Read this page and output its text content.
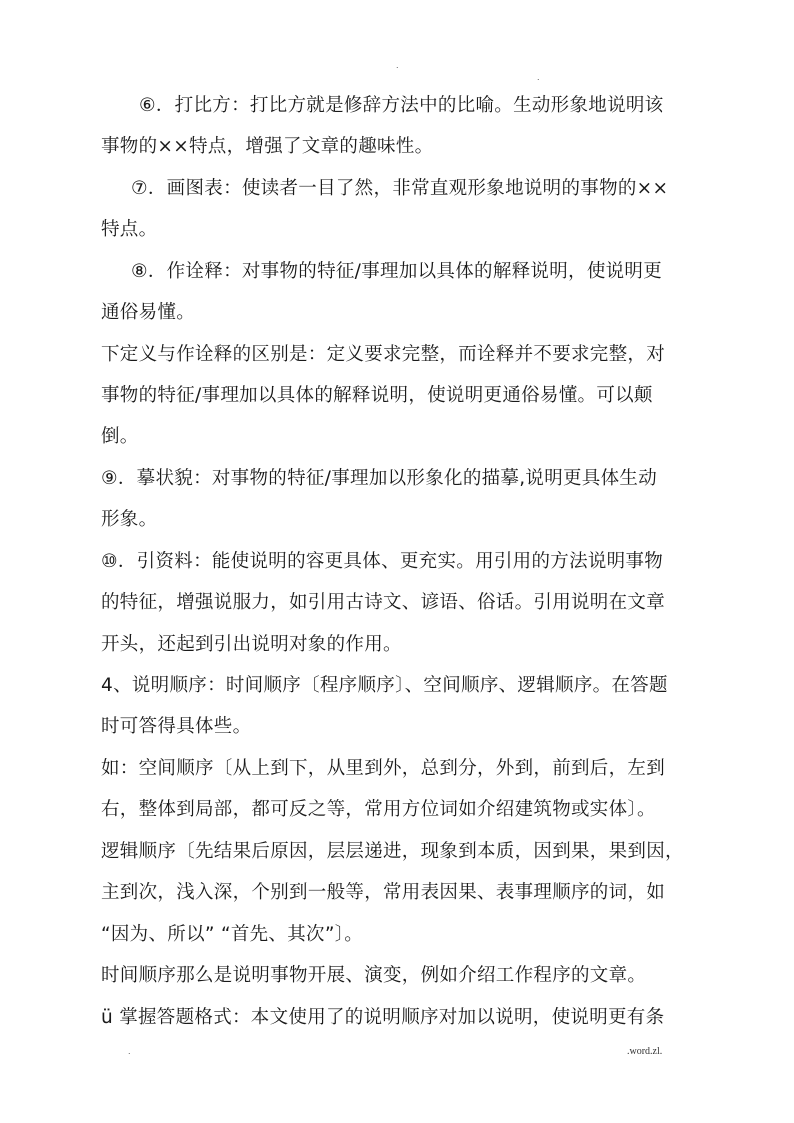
.
.
⑥．打比方：打比方就是修辞方法中的比喻。生动形象地说明该
事物的××特点，增强了文章的趣味性。
⑦．画图表：使读者一目了然，非常直观形象地说明的事物的××
特点。
⑧．作诠释：对事物的特征/事理加以具体的解释说明，使说明更
通俗易懂。
下定义与作诠释的区别是：定义要求完整，而诠释并不要求完整，对
事物的特征/事理加以具体的解释说明，使说明更通俗易懂。可以颠
倒。
⑨．摹状貌：对事物的特征/事理加以形象化的描摹,说明更具体生动
形象。
⑩．引资料：能使说明的容更具体、更充实。用引用的方法说明事物
的特征，增强说服力，如引用古诗文、谚语、俗话。引用说明在文章
开头，还起到引出说明对象的作用。
4、说明顺序：时间顺序〔程序顺序〕、空间顺序、逻辑顺序。在答题
时可答得具体些。
如：空间顺序〔从上到下，从里到外，总到分，外到，前到后，左到
右，整体到局部，都可反之等，常用方位词如介绍建筑物或实体〕。
逻辑顺序〔先结果后原因，层层递进，现象到本质，因到果，果到因，
主到次，浅入深，个别到一般等，常用表因果、表事理顺序的词，如
“因为、所以” “首先、其次”〕。
时间顺序那么是说明事物开展、演变，例如介绍工作程序的文章。
ü 掌握答题格式：本文使用了的说明顺序对加以说明，使说明更有条
.	.word.zl.
